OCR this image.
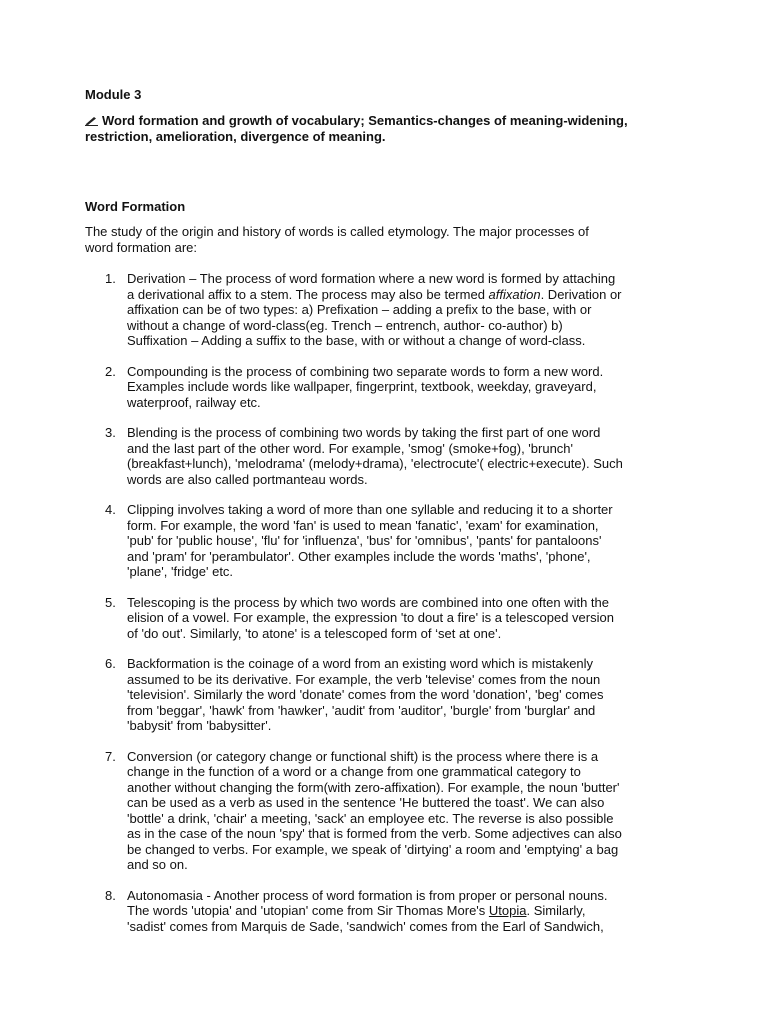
Module 3

Word formation and growth of vocabulary; Semantics-changes of meaning-widening, restriction, amelioration, divergence of meaning.

Word Formation

The study of the origin and history of words is called etymology. The major processes of word formation are:

1. Derivation – The process of word formation where a new word is formed by attaching a derivational affix to a stem. The process may also be termed affixation. Derivation or affixation can be of two types: a) Prefixation – adding a prefix to the base, with or without a change of word-class(eg. Trench – entrench, author- co-author) b) Suffixation – Adding a suffix to the base, with or without a change of word-class.
2. Compounding is the process of combining two separate words to form a new word. Examples include words like wallpaper, fingerprint, textbook, weekday, graveyard, waterproof, railway etc.
3. Blending is the process of combining two words by taking the first part of one word and the last part of the other word. For example, 'smog' (smoke+fog), 'brunch' (breakfast+lunch), 'melodrama' (melody+drama), 'electrocute'( electric+execute). Such words are also called portmanteau words.
4. Clipping involves taking a word of more than one syllable and reducing it to a shorter form. For example, the word 'fan' is used to mean 'fanatic', 'exam' for examination, 'pub' for 'public house', 'flu' for 'influenza', 'bus' for 'omnibus', 'pants' for pantaloons' and 'pram' for 'perambulator'. Other examples include the words 'maths', 'phone', 'plane', 'fridge' etc.
5. Telescoping is the process by which two words are combined into one often with the elision of a vowel. For example, the expression 'to dout a fire' is a telescoped version of 'do out'. Similarly, 'to atone' is a telescoped form of ‘set at one'.
6. Backformation is the coinage of a word from an existing word which is mistakenly assumed to be its derivative. For example, the verb 'televise' comes from the noun 'television'. Similarly the word 'donate' comes from the word 'donation', 'beg' comes from 'beggar', 'hawk' from 'hawker', 'audit' from 'auditor', 'burgle' from 'burglar' and 'babysit' from 'babysitter'.
7. Conversion (or category change or functional shift) is the process where there is a change in the function of a word or a change from one grammatical category to another without changing the form(with zero-affixation). For example, the noun 'butter' can be used as a verb as used in the sentence 'He buttered the toast'. We can also 'bottle' a drink, 'chair' a meeting, 'sack' an employee etc. The reverse is also possible as in the case of the noun 'spy' that is formed from the verb. Some adjectives can also be changed to verbs. For example, we speak of 'dirtying' a room and 'emptying' a bag and so on.
8. Autonomasia - Another process of word formation is from proper or personal nouns. The words 'utopia' and 'utopian' come from Sir Thomas More's Utopia. Similarly, 'sadist' comes from Marquis de Sade, 'sandwich' comes from the Earl of Sandwich,
